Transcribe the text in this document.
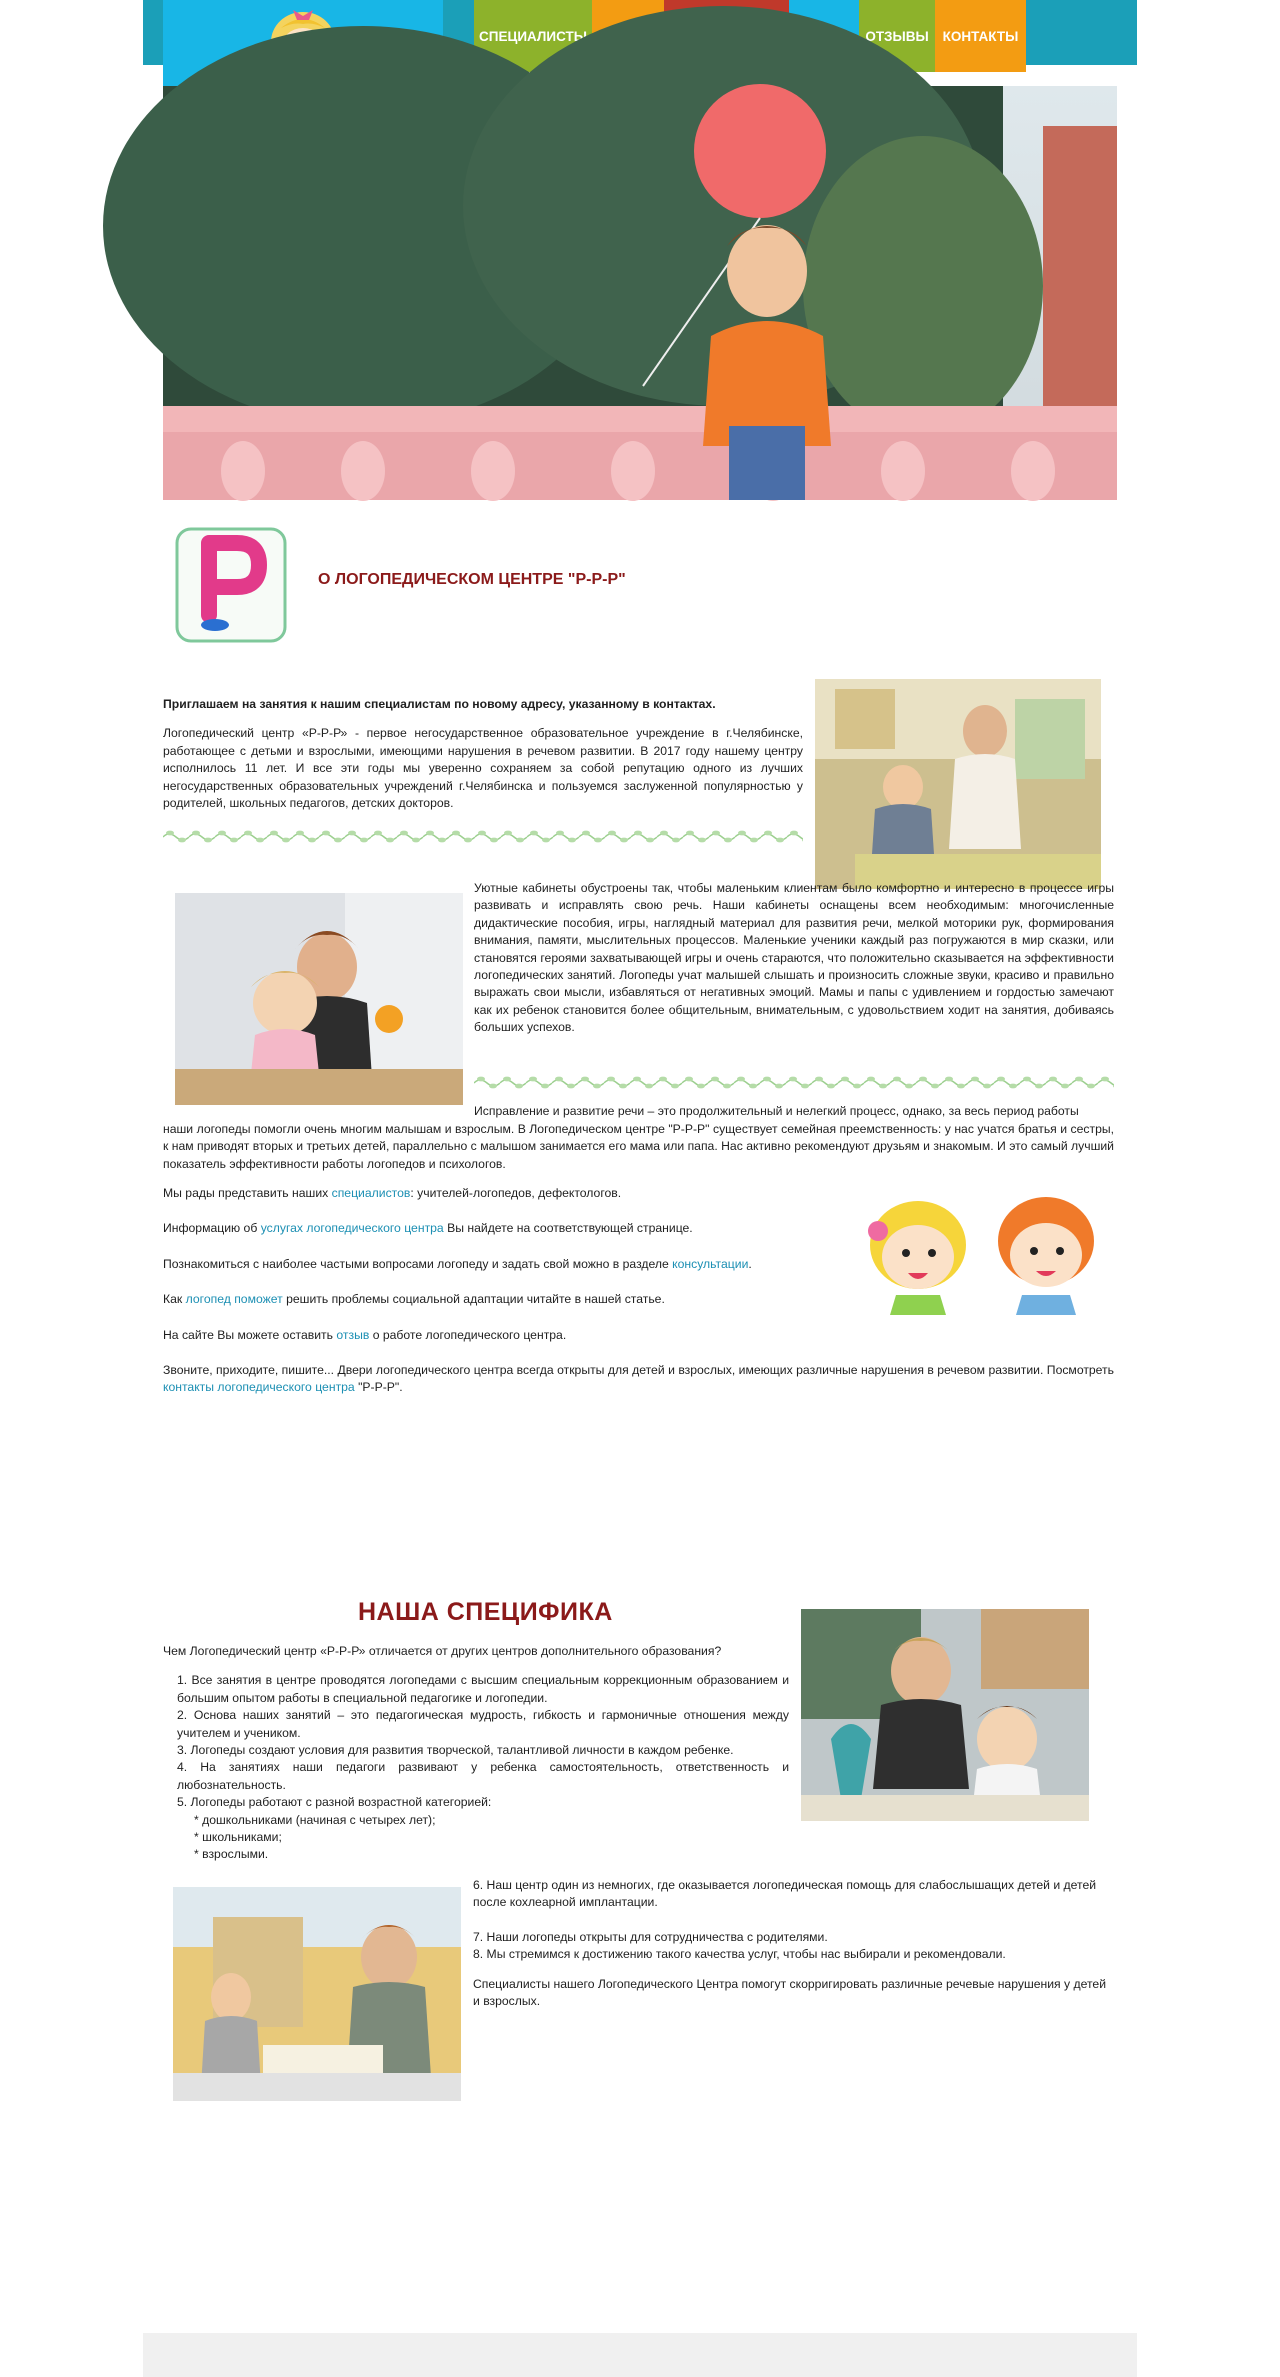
СПЕЦИАЛИСТЫ	ОТЗЫВЫ	КОНТАКТЫ
О ЛОГОПЕДИЧЕСКОМ ЦЕНТРЕ "Р-Р-Р"

Приглашаем на занятия к нашим специалистам по новому адресу, указанному в контактах.

Логопедический центр «Р-Р-Р» - первое негосударственное образовательное учреждение в г.Челябинске, работающее с детьми и взрослыми, имеющими нарушения в речевом развитии. В 2017 году нашему центру исполнилось 11 лет. И все эти годы мы уверенно сохраняем за собой репутацию одного из лучших негосударственных образовательных учреждений г.Челябинска и пользуемся заслуженной популярностью у родителей, школьных педагогов, детских докторов.

Уютные кабинеты обустроены так, чтобы маленьким клиентам было комфортно и интересно в процессе игры развивать и исправлять свою речь. Наши кабинеты оснащены всем необходимым: многочисленные дидактические пособия, игры, наглядный материал для развития речи, мелкой моторики рук, формирования внимания, памяти, мыслительных процессов. Маленькие ученики каждый раз погружаются в мир сказки, или становятся героями захватывающей игры и очень стараются, что положительно сказывается на эффективности логопедических занятий. Логопеды учат малышей слышать и произносить сложные звуки, красиво и правильно выражать свои мысли, избавляться от негативных эмоций. Мамы и папы с удивлением и гордостью замечают как их ребенок становится более общительным, внимательным, с удовольствием ходит на занятия, добиваясь больших успехов.
Исправление и развитие речи – это продолжительный и нелегкий процесс, однако, за весь период работы
наши логопеды помогли очень многим малышам и взрослым. В Логопедическом центре "Р-Р-Р" существует семейная преемственность: у нас учатся братья и сестры, к нам приводят вторых и третьих детей, параллельно с малышом занимается его мама или папа. Нас активно рекомендуют друзьям и знакомым. И это самый лучший показатель эффективности работы логопедов и психологов.

Мы рады представить наших специалистов: учителей-логопедов, дефектологов.

Информацию об услугах логопедического центра Вы найдете на соответствующей странице.

Познакомиться с наиболее частыми вопросами логопеду и задать свой можно в разделе консультации.

Как логопед поможет решить проблемы социальной адаптации читайте в нашей статье.

На сайте Вы можете оставить отзыв о работе логопедического центра.

Звоните, приходите, пишите... Двери логопедического центра всегда открыты для детей и взрослых, имеющих различные нарушения в речевом развитии. Посмотреть контакты логопедического центра "Р-Р-Р".

НАША СПЕЦИФИКА

Чем Логопедический центр «Р-Р-Р» отличается от других центров дополнительного образования?

1. Все занятия в центре проводятся логопедами с высшим специальным коррекционным образованием и большим опытом работы в специальной педагогике и логопедии.
2. Основа наших занятий – это педагогическая мудрость, гибкость и гармоничные отношения между учителем и учеником.
3. Логопеды создают условия для развития творческой, талантливой личности в каждом ребенке.
4. На занятиях наши педагоги развивают у ребенка самостоятельность, ответственность и любознательность.
5. Логопеды работают с разной возрастной категорией:
* дошкольниками (начиная с четырех лет);
* школьниками;
* взрослыми.
6. Наш центр один из немногих, где оказывается логопедическая помощь для слабослышащих детей и детей после кохлеарной имплантации.
7. Наши логопеды открыты для сотрудничества с родителями.
8. Мы стремимся к достижению такого качества услуг, чтобы нас выбирали и рекомендовали.

Специалисты нашего Логопедического Центра помогут скорригировать различные речевые нарушения у детей и взрослых.
